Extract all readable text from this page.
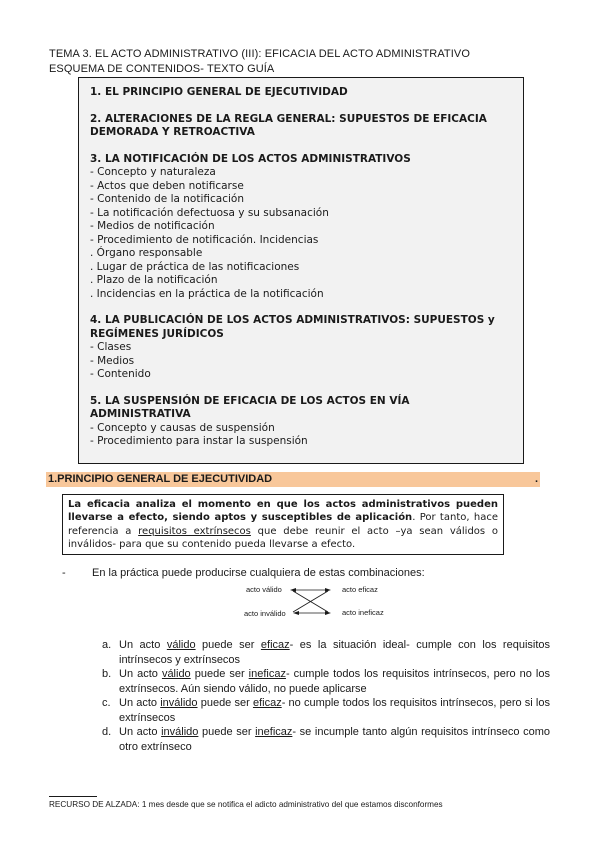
TEMA 3. EL ACTO ADMINISTRATIVO (III): EFICACIA DEL ACTO ADMINISTRATIVO
ESQUEMA DE CONTENIDOS- TEXTO GUÍA
1. EL PRINCIPIO GENERAL DE EJECUTIVIDAD
2. ALTERACIONES DE LA REGLA GENERAL: SUPUESTOS DE EFICACIA DEMORADA Y RETROACTIVA
3. LA NOTIFICACIÓN DE LOS ACTOS ADMINISTRATIVOS
- Concepto y naturaleza
- Actos que deben notificarse
- Contenido de la notificación
- La notificación defectuosa y su subsanación
- Medios de notificación
- Procedimiento de notificación. Incidencias
. Órgano responsable
. Lugar de práctica de las notificaciones
. Plazo de la notificación
. Incidencias en la práctica de la notificación
4. LA PUBLICACIÓN DE LOS ACTOS ADMINISTRATIVOS: SUPUESTOS y REGÍMENES JURÍDICOS
- Clases
- Medios
- Contenido
5. LA SUSPENSIÓN DE EFICACIA DE LOS ACTOS EN VÍA ADMINISTRATIVA
- Concepto y causas de suspensión
- Procedimiento para instar la suspensión
1.PRINCIPIO GENERAL DE EJECUTIVIDAD	.
La eficacia analiza el momento en que los actos administrativos pueden llevarse a efecto, siendo aptos y susceptibles de aplicación. Por tanto, hace referencia a requisitos extrínsecos que debe reunir el acto –ya sean válidos o inválidos- para que su contenido pueda llevarse a efecto.
- En la práctica puede producirse cualquiera de estas combinaciones:
acto válido
acto inválido
acto eficaz
acto ineficaz
a. Un acto válido puede ser eficaz- es la situación ideal- cumple con los requisitos intrínsecos y extrínsecos
b. Un acto válido puede ser ineficaz- cumple todos los requisitos intrínsecos, pero no los extrínsecos. Aún siendo válido, no puede aplicarse
c. Un acto inválido puede ser eficaz- no cumple todos los requisitos intrínsecos, pero si los extrínsecos
d. Un acto inválido puede ser ineficaz- se incumple tanto algún requisitos intrínseco como otro extrínseco
RECURSO DE ALZADA: 1 mes desde que se notifica el adicto administrativo del que estamos disconformes
